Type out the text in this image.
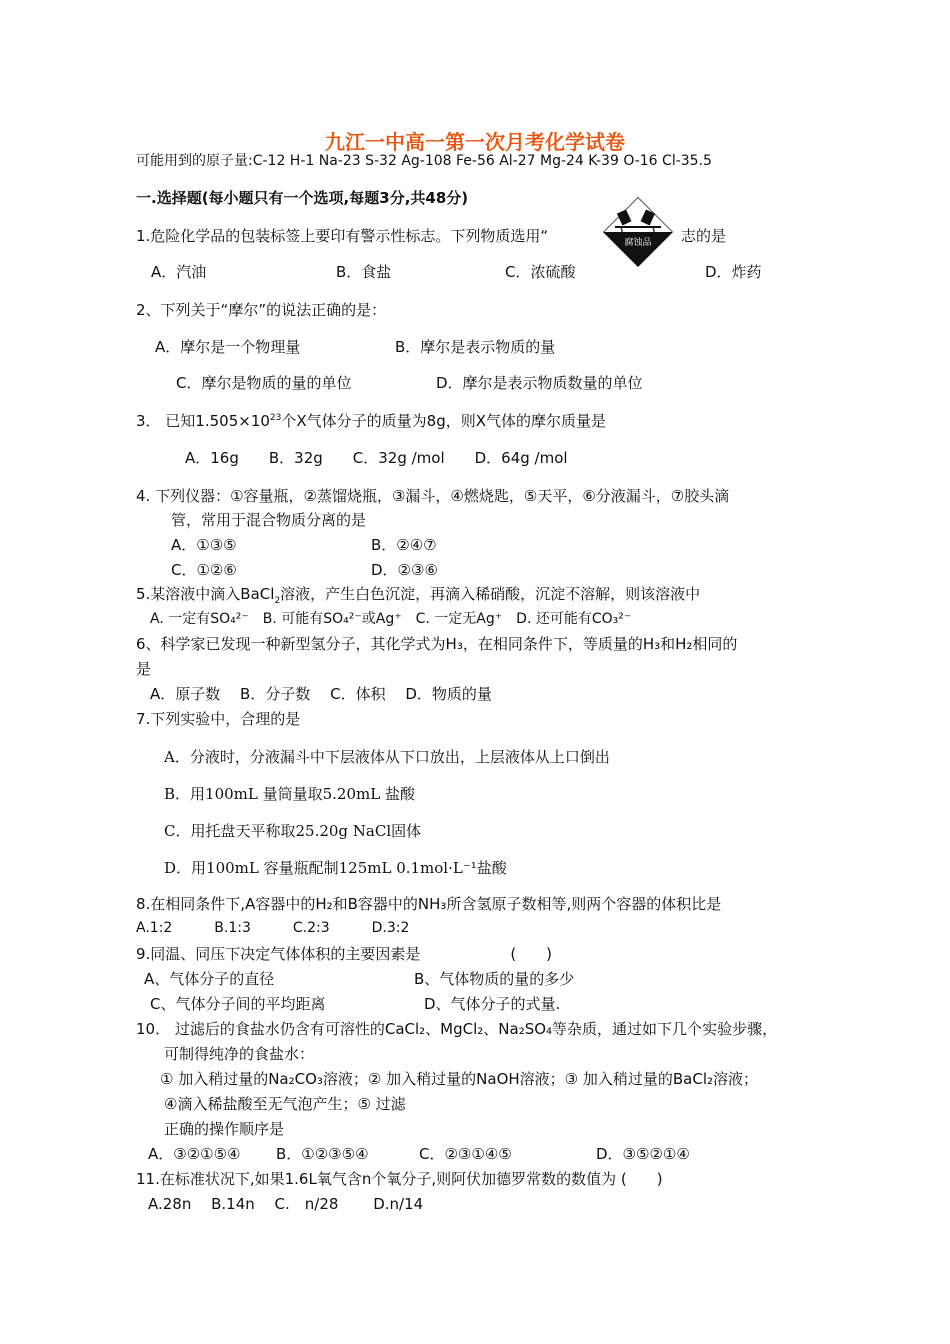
九江一中高一第一次月考化学试卷
可能用到的原子量:C-12 H-1 Na-23 S-32 Ag-108 Fe-56 Al-27 Mg-24 K-39 O-16 Cl-35.5
一.选择题(每小题只有一个选项,每题3分,共48分)
1.危险化学品的包装标签上要印有警示性标志。下列物质选用“	志的是
腐蚀品
A．汽油	B．食盐	C．浓硫酸	D．炸药
2、下列关于“摩尔”的说法正确的是：
A．摩尔是一个物理量	B．摩尔是表示物质的量
C．摩尔是物质的量的单位	D．摩尔是表示物质数量的单位
3． 已知$1.505\times 10^{23}$个X气体分子的质量为8g，则X气体的摩尔质量是
A．16g　　B．32g　　C．32g /mol　　D．64g /mol
4. 下列仪器：①容量瓶，②蒸馏烧瓶，③漏斗，④燃烧匙，⑤天平，⑥分液漏斗，⑦胶头滴
管，常用于混合物质分离的是
A．①③⑤	B．②④⑦
C．①②⑥	D．②③⑥
5.某溶液中滴入BaCl$_2$溶液，产生白色沉淀，再滴入稀硝酸，沉淀不溶解，则该溶液中
A. 一定有SO₄²⁻　B. 可能有SO₄²⁻或Ag⁺　C. 一定无Ag⁺　D. 还可能有CO₃²⁻
6、科学家已发现一种新型氢分子，其化学式为H₃，在相同条件下，等质量的H₃和H₂相同的
是
A．原子数　 B．分子数　 C．体积　 D．物质的量
7.下列实验中，合理的是
A．分液时，分液漏斗中下层液体从下口放出，上层液体从上口倒出
B．用100mL 量筒量取5.20mL 盐酸
C．用托盘天平称取25.20g NaCl固体
D．用100mL 容量瓶配制125mL 0.1mol·L⁻¹盐酸
8.在相同条件下,A容器中的H₂和B容器中的NH₃所含氢原子数相等,则两个容器的体积比是
A.1:2　　　B.1:3　　　C.2:3　　　D.3:2
9.同温、同压下决定气体体积的主要因素是　　　　　　(　　)
A、气体分子的直径	B、气体物质的量的多少
C、气体分子间的平均距离	D、气体分子的式量.
10． 过滤后的食盐水仍含有可溶性的CaCl₂、MgCl₂、Na₂SO₄等杂质，通过如下几个实验步骤，
可制得纯净的食盐水：
① 加入稍过量的Na₂CO₃溶液；② 加入稍过量的NaOH溶液；③ 加入稍过量的BaCl₂溶液；
④滴入稀盐酸至无气泡产生；⑤ 过滤
正确的操作顺序是
A．③②①⑤④ B．①②③⑤④	C．②③①④⑤	D．③⑤②①④
11.在标准状况下,如果1.6L氧气含n个氧分子,则阿伏加德罗常数的数值为 (　　)
A.28n　 B.14n　 C.　n/28　　 D.n/14
